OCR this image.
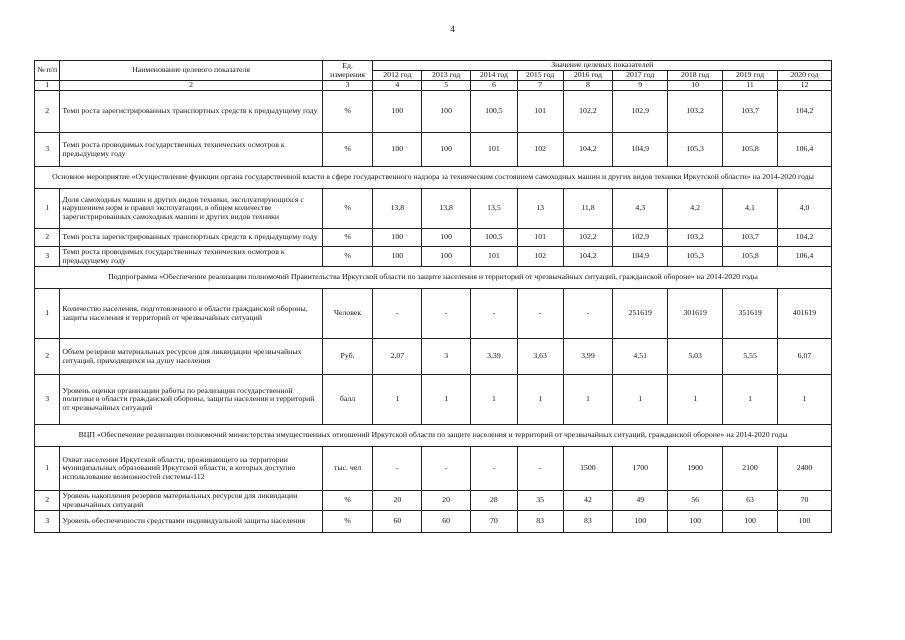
4
№ п/п	Наименование целевого показателя	Ед. измерения	Значение целевых показателей								
			2012 год	2013 год	2014 год	2015 год	2016 год	2017 год	2018 год	2019 год	2020 год
1	2	3	4	5	6	7	8	9	10	11	12
2	Темп роста зарегистрированных транспортных средств к предыдущему году	%	100	100	100,5	101	102,2	102,9	103,2	103,7	104,2
3	Темп роста проводимых государственных технических осмотров к предыдущему году	%	100	100	101	102	104,2	104,9	105,3	105,8	106,4
Основное мероприятие «Осуществление функции органа государственной власти в сфере государственного надзора за техническим состоянием самоходных машин и других видов техники Иркутской области» на 2014-2020 годы											
1	Доля самоходных машин и других видов техники, эксплуатирующихся с нарушением норм и правил эксплуатации, в общем количестве зарегистрированных самоходных машин и других видов техники	%	13,8	13,8	13,5	13	11,8	4,3	4,2	4,1	4,0
2	Темп роста зарегистрированных транспортных средств к предыдущему году	%	100	100	100,5	101	102,2	102,9	103,2	103,7	104,2
3	Темп роста проводимых государственных технических осмотров к предыдущему году	%	100	100	101	102	104,2	104,9	105,3	105,8	106,4
Подпрограмма «Обеспечение реализации полномочий Правительства Иркутской области по защите населения и территорий от чрезвычайных ситуаций, гражданской обороне» на 2014-2020 годы											
1	Количество населения, подготовленного в области гражданской обороны, защиты населения и территорий от чрезвычайных ситуаций	Человек	-	-	-	-	-	251619	301619	351619	401619
2	Объем резервов материальных ресурсов для ликвидации чрезвычайных ситуаций, приходящихся на душу населения	Руб.	2,07	3	3,39	3,63	3,99	4,51	5,03	5,55	6,07
3	Уровень оценки организации работы по реализации государственной политики в области гражданской обороны, защиты населения и территорий от чрезвычайных ситуаций	балл	1	1	1	1	1	1	1	1	1
ВЦП «Обеспечение реализации полномочий министерства имущественных отношений Иркутской области по защите населения и территорий от чрезвычайных ситуаций, гражданской обороне» на 2014-2020 годы											
1	Охват населения Иркутской области, проживающего на территории муниципальных образований Иркутской области, в которых доступно использование возможностей системы-112	тыс. чел	-	-	-	-	1500	1700	1900	2100	2400
2	Уровень накопления резервов материальных ресурсов для ликвидации чрезвычайных ситуаций	%	20	20	28	35	42	49	56	63	70
3	Уровень обеспеченности средствами индивидуальной защиты населения	%	60	60	70	83	83	100	100	100	100
